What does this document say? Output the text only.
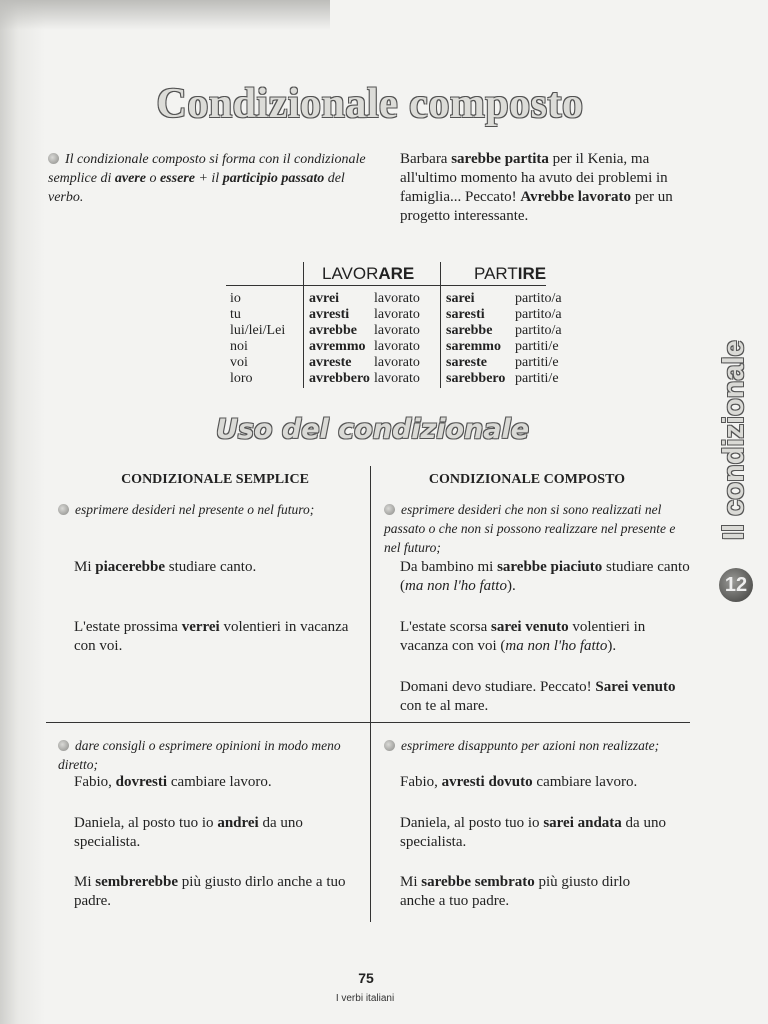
Condizionale composto
Il condizionale composto si forma con il condizionale semplice di avere o essere + il participio passato del verbo.
Barbara sarebbe partita per il Kenia, ma all'ultimo momento ha avuto dei problemi in famiglia... Peccato! Avrebbe lavorato per un progetto interessante.
LAVORARE	PARTIRE
io
tu
lui/lei/Lei
noi
voi
loro
avrei
avresti
avrebbe
avremmo
avreste
avrebbero
lavorato
lavorato
lavorato
lavorato
lavorato
lavorato
sarei
saresti
sarebbe
saremmo
sareste
sarebbero
partito/a
partito/a
partito/a
partiti/e
partiti/e
partiti/e
Uso del condizionale
CONDIZIONALE SEMPLICE	CONDIZIONALE COMPOSTO
esprimere desideri nel presente o nel futuro;
Mi piacerebbe studiare canto.
L'estate prossima verrei volentieri in vacanza con voi.
esprimere desideri che non si sono realizzati nel passato o che non si possono realizzare nel presente e nel futuro;
Da bambino mi sarebbe piaciuto studiare canto (ma non l'ho fatto).
L'estate scorsa sarei venuto volentieri in vacanza con voi (ma non l'ho fatto).
Domani devo studiare. Peccato! Sarei venuto con te al mare.
dare consigli o esprimere opinioni in modo meno diretto;
Fabio, dovresti cambiare lavoro.
Daniela, al posto tuo io andrei da uno specialista.
Mi sembrerebbe più giusto dirlo anche a tuo padre.
esprimere disappunto per azioni non realizzate;
Fabio, avresti dovuto cambiare lavoro.
Daniela, al posto tuo io sarei andata da uno specialista.
Mi sarebbe sembrato più giusto dirlo anche a tuo padre.
Il condizionale
12
75
I verbi italiani
